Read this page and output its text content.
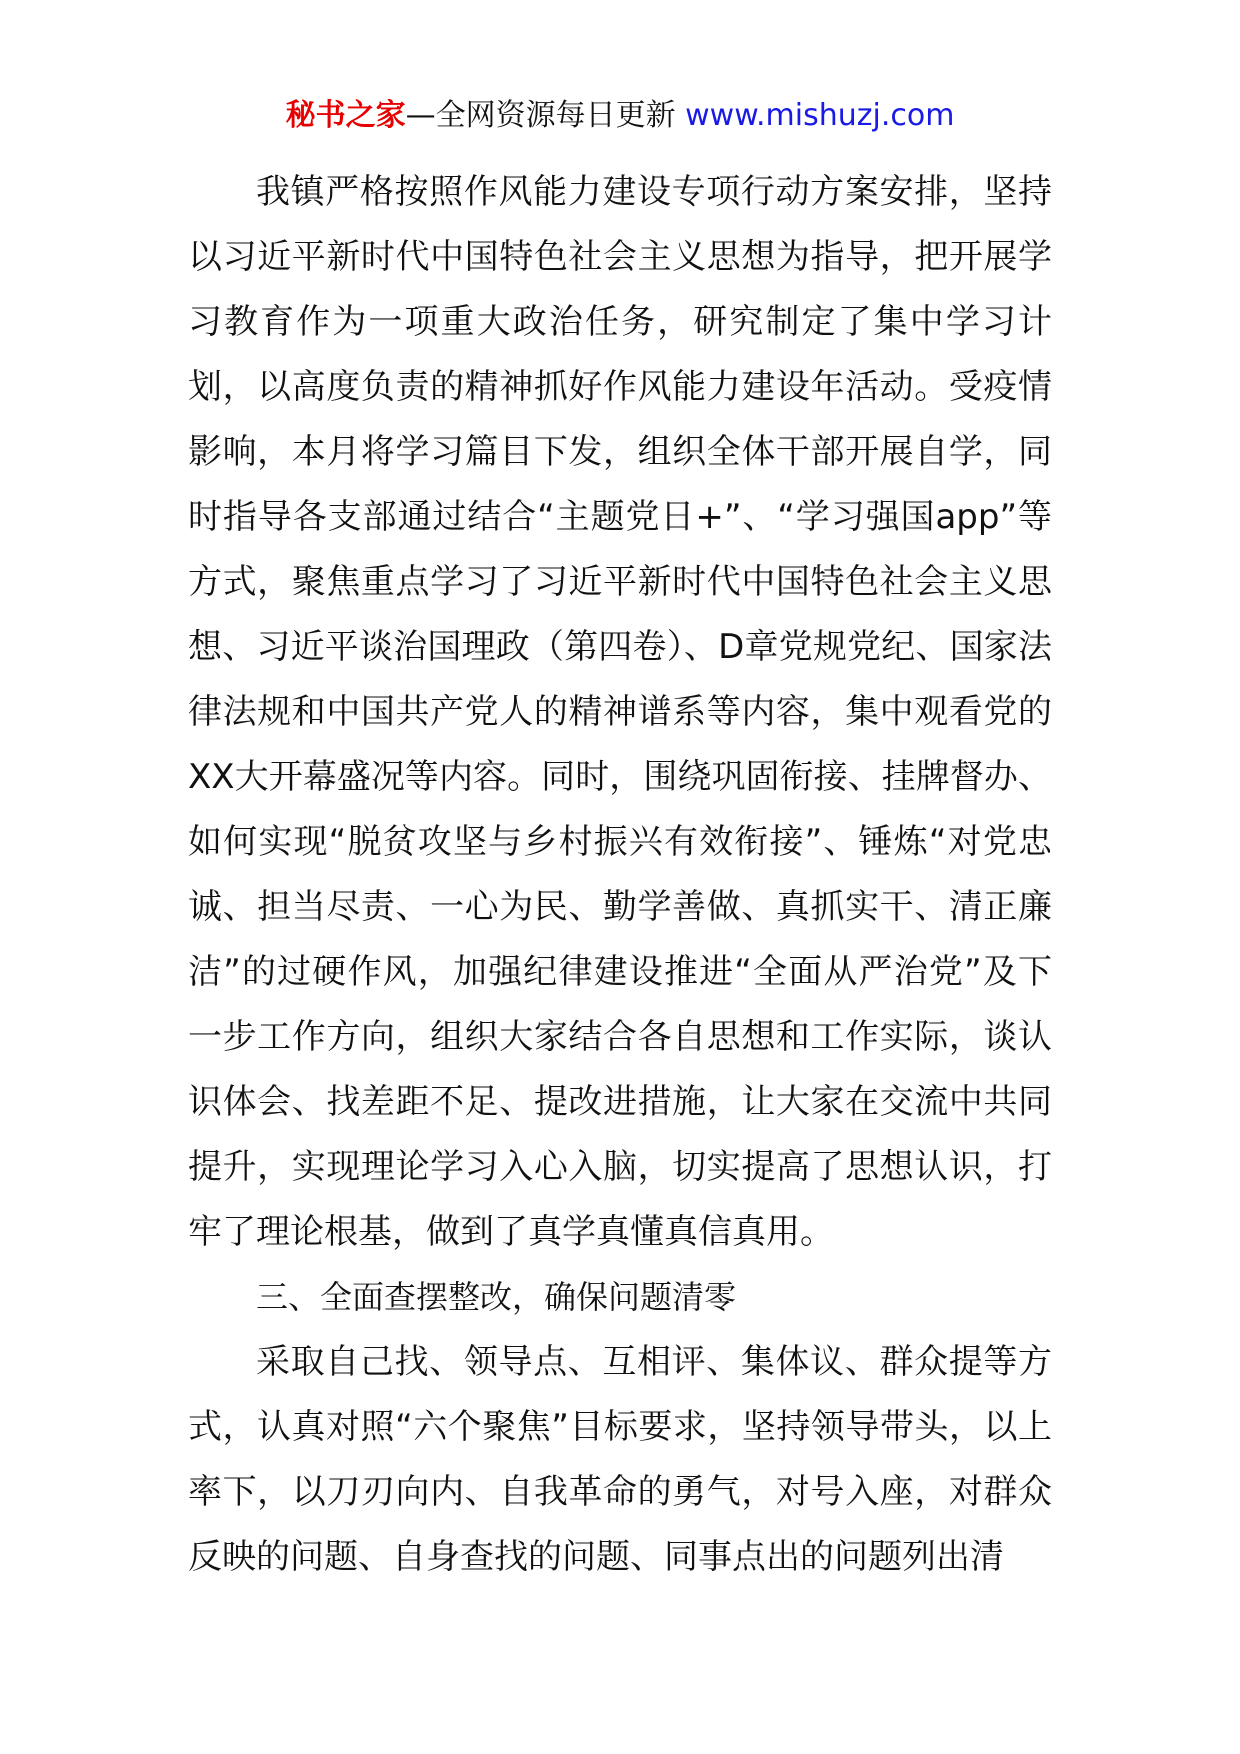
秘书之家—全网资源每日更新 www.mishuzj.com

我镇严格按照作风能力建设专项行动方案安排，坚持以习近平新时代中国特色社会主义思想为指导，把开展学习教育作为一项重大政治任务，研究制定了集中学习计划，以高度负责的精神抓好作风能力建设年活动。受疫情影响，本月将学习篇目下发，组织全体干部开展自学，同时指导各支部通过结合“主题党日+”、“学习强国app”等方式，聚焦重点学习了习近平新时代中国特色社会主义思想、习近平谈治国理政（第四卷）、D章党规党纪、国家法律法规和中国共产党人的精神谱系等内容，集中观看党的XX大开幕盛况等内容。同时，围绕巩固衔接、挂牌督办、如何实现“脱贫攻坚与乡村振兴有效衔接”、锤炼“对党忠诚、担当尽责、一心为民、勤学善做、真抓实干、清正廉洁”的过硬作风，加强纪律建设推进“全面从严治党”及下一步工作方向，组织大家结合各自思想和工作实际，谈认识体会、找差距不足、提改进措施，让大家在交流中共同提升，实现理论学习入心入脑，切实提高了思想认识，打牢了理论根基，做到了真学真懂真信真用。

三、全面查摆整改，确保问题清零

采取自己找、领导点、互相评、集体议、群众提等方式，认真对照“六个聚焦”目标要求，坚持领导带头，以上率下，以刀刃向内、自我革命的勇气，对号入座，对群众反映的问题、自身查找的问题、同事点出的问题列出清
